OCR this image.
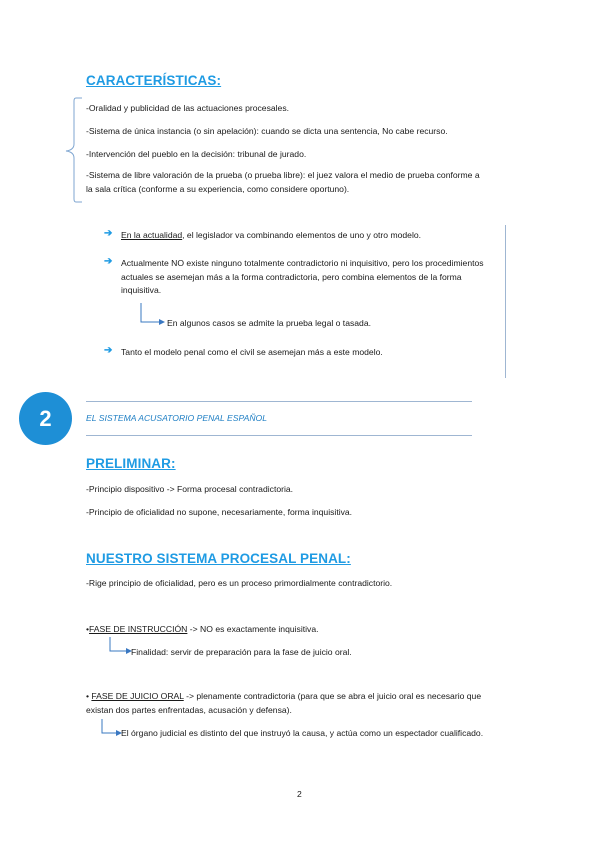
CARACTERÍSTICAS:
-Oralidad y publicidad de las actuaciones procesales.
-Sistema de única instancia (o sin apelación): cuando se dicta una sentencia, No cabe recurso.
-Intervención del pueblo en la decisión: tribunal de jurado.
-Sistema de libre valoración de la prueba (o prueba libre): el juez valora el medio de prueba conforme a la sala crítica (conforme a su experiencia, como considere oportuno).
➔ En la actualidad, el legislador va combinando elementos de uno y otro modelo.
➔ Actualmente NO existe ninguno totalmente contradictorio ni inquisitivo, pero los procedimientos actuales se asemejan más a la forma contradictoria, pero combina elementos de la forma inquisitiva.
En algunos casos se admite la prueba legal o tasada.
➔ Tanto el modelo penal como el civil se asemejan más a este modelo.
2	EL SISTEMA ACUSATORIO PENAL ESPAÑOL
PRELIMINAR:
-Principio dispositivo -> Forma procesal contradictoria.
-Principio de oficialidad no supone, necesariamente, forma inquisitiva.
NUESTRO SISTEMA PROCESAL PENAL:
-Rige principio de oficialidad, pero es un proceso primordialmente contradictorio.
•FASE DE INSTRUCCIÓN -> NO es exactamente inquisitiva.
Finalidad: servir de preparación para la fase de juicio oral.
• FASE DE JUICIO ORAL -> plenamente contradictoria (para que se abra el juicio oral es necesario que existan dos partes enfrentadas, acusación y defensa).
El órgano judicial es distinto del que instruyó la causa, y actúa como un espectador cualificado.
2
